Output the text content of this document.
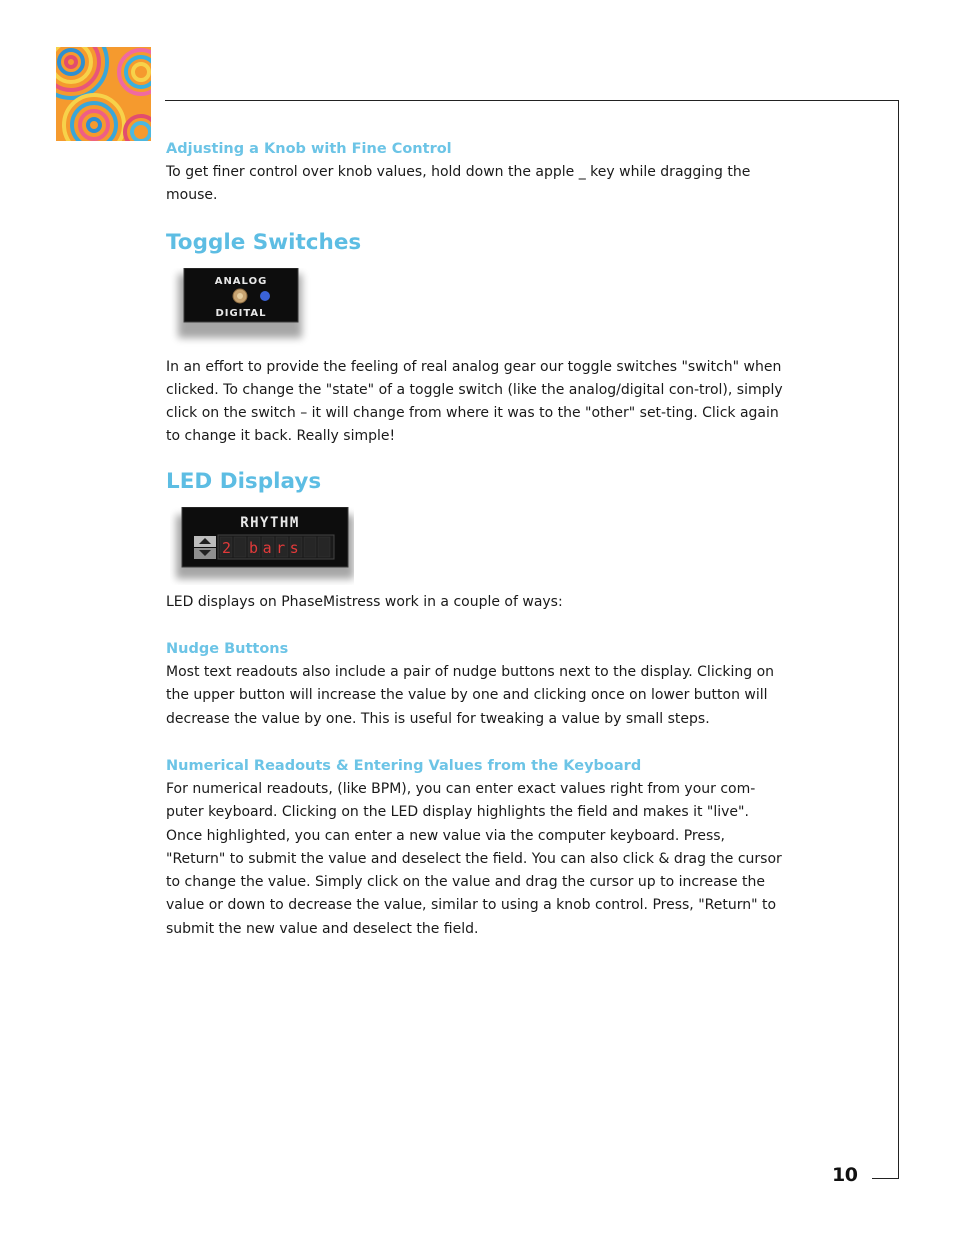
10
Adjusting a Knob with Fine Control

To get finer control over knob values, hold down the apple _ key while dragging the mouse.

Toggle Switches
ANALOG
DIGITAL

In an effort to provide the feeling of real analog gear our toggle switches "switch" when clicked. To change the "state" of a toggle switch (like the analog/digital con-trol), simply click on the switch – it will change from where it was to the "other" set-ting. Click again to change it back. Really simple!

LED Displays
RHYTHM
2 bars

LED displays on PhaseMistress work in a couple of ways:

Nudge Buttons

Most text readouts also include a pair of nudge buttons next to the display. Clicking on the upper button will increase the value by one and clicking once on lower button will decrease the value by one. This is useful for tweaking a value by small steps.

Numerical Readouts & Entering Values from the Keyboard

For numerical readouts, (like BPM), you can enter exact values right from your com-puter keyboard. Clicking on the LED display highlights the field and makes it "live". Once highlighted, you can enter a new value via the computer keyboard. Press, "Return" to submit the value and deselect the field. You can also click & drag the cursor to change the value. Simply click on the value and drag the cursor up to increase the value or down to decrease the value, similar to using a knob control. Press, "Return" to submit the new value and deselect the field.
